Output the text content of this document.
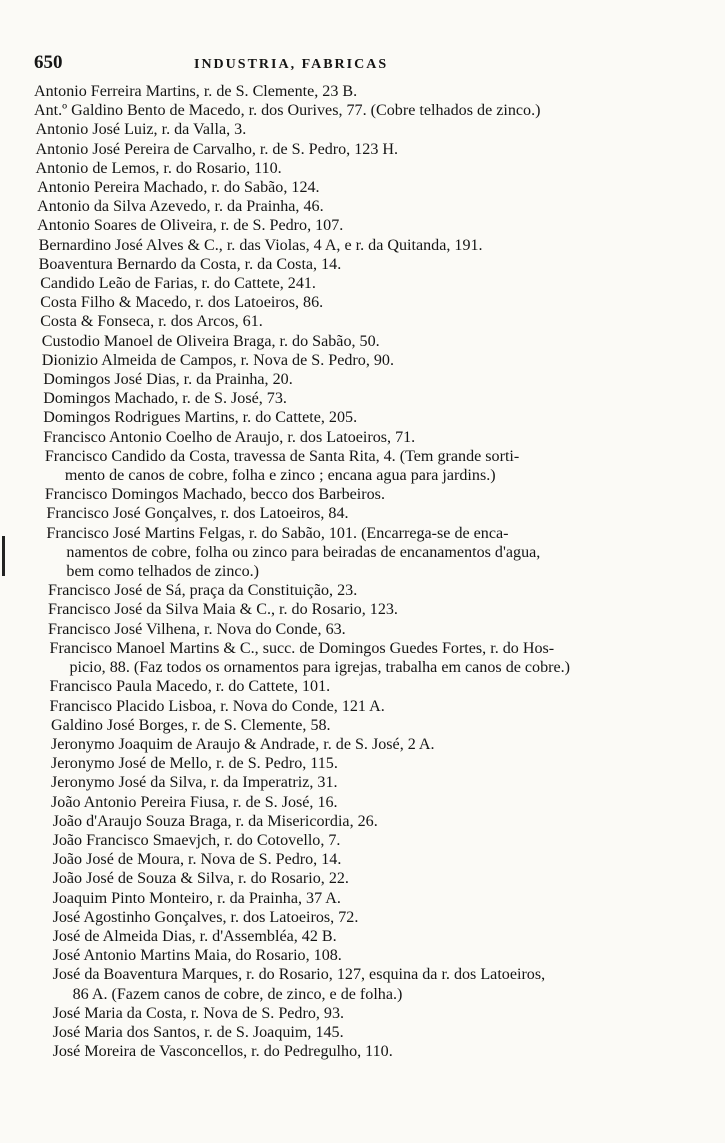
650	INDUSTRIA, FABRICAS
Antonio Ferreira Martins, r. de S. Clemente, 23 B.
Ant.º Galdino Bento de Macedo, r. dos Ourives, 77. (Cobre telhados de zinco.)
Antonio José Luiz, r. da Valla, 3.
Antonio José Pereira de Carvalho, r. de S. Pedro, 123 H.
Antonio de Lemos, r. do Rosario, 110.
Antonio Pereira Machado, r. do Sabão, 124.
Antonio da Silva Azevedo, r. da Prainha, 46.
Antonio Soares de Oliveira, r. de S. Pedro, 107.
Bernardino José Alves & C., r. das Violas, 4 A, e r. da Quitanda, 191.
Boaventura Bernardo da Costa, r. da Costa, 14.
Candido Leão de Farias, r. do Cattete, 241.
Costa Filho & Macedo, r. dos Latoeiros, 86.
Costa & Fonseca, r. dos Arcos, 61.
Custodio Manoel de Oliveira Braga, r. do Sabão, 50.
Dionizio Almeida de Campos, r. Nova de S. Pedro, 90.
Domingos José Dias, r. da Prainha, 20.
Domingos Machado, r. de S. José, 73.
Domingos Rodrigues Martins, r. do Cattete, 205.
Francisco Antonio Coelho de Araujo, r. dos Latoeiros, 71.
Francisco Candido da Costa, travessa de Santa Rita, 4. (Tem grande sorti-
mento de canos de cobre, folha e zinco ; encana agua para jardins.)
Francisco Domingos Machado, becco dos Barbeiros.
Francisco José Gonçalves, r. dos Latoeiros, 84.
Francisco José Martins Felgas, r. do Sabão, 101. (Encarrega-se de enca-
namentos de cobre, folha ou zinco para beiradas de encanamentos d'agua,
bem como telhados de zinco.)
Francisco José de Sá, praça da Constituição, 23.
Francisco José da Silva Maia & C., r. do Rosario, 123.
Francisco José Vilhena, r. Nova do Conde, 63.
Francisco Manoel Martins & C., succ. de Domingos Guedes Fortes, r. do Hos-
picio, 88. (Faz todos os ornamentos para igrejas, trabalha em canos de cobre.)
Francisco Paula Macedo, r. do Cattete, 101.
Francisco Placido Lisboa, r. Nova do Conde, 121 A.
Galdino José Borges, r. de S. Clemente, 58.
Jeronymo Joaquim de Araujo & Andrade, r. de S. José, 2 A.
Jeronymo José de Mello, r. de S. Pedro, 115.
Jeronymo José da Silva, r. da Imperatriz, 31.
João Antonio Pereira Fiusa, r. de S. José, 16.
João d'Araujo Souza Braga, r. da Misericordia, 26.
João Francisco Smaevjch, r. do Cotovello, 7.
João José de Moura, r. Nova de S. Pedro, 14.
João José de Souza & Silva, r. do Rosario, 22.
Joaquim Pinto Monteiro, r. da Prainha, 37 A.
José Agostinho Gonçalves, r. dos Latoeiros, 72.
José de Almeida Dias, r. d'Assembléa, 42 B.
José Antonio Martins Maia, do Rosario, 108.
José da Boaventura Marques, r. do Rosario, 127, esquina da r. dos Latoeiros,
86 A. (Fazem canos de cobre, de zinco, e de folha.)
José Maria da Costa, r. Nova de S. Pedro, 93.
José Maria dos Santos, r. de S. Joaquim, 145.
José Moreira de Vasconcellos, r. do Pedregulho, 110.
